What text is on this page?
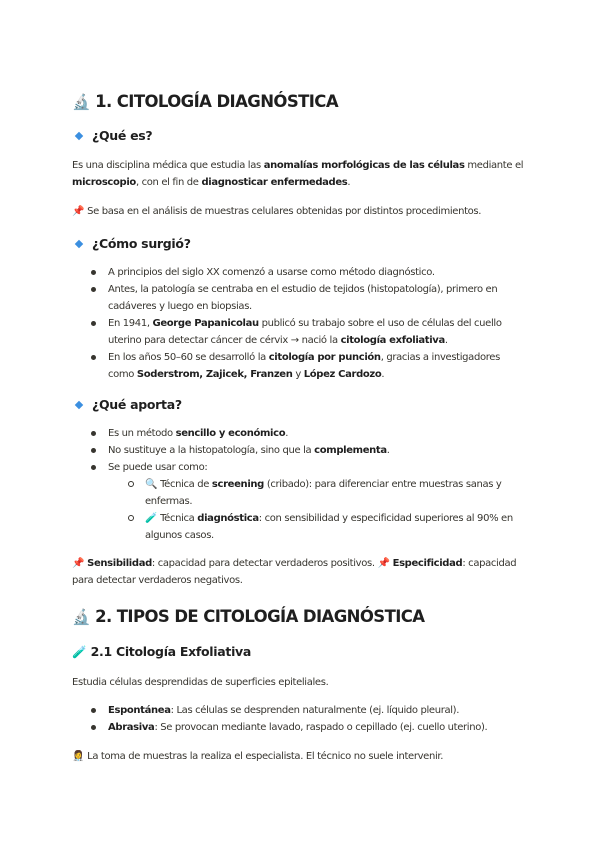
🔬 1. CITOLOGÍA DIAGNÓSTICA
¿Qué es?
Es una disciplina médica que estudia las anomalías morfológicas de las células mediante el microscopio, con el fin de diagnosticar enfermedades.
📌 Se basa en el análisis de muestras celulares obtenidas por distintos procedimientos.
¿Cómo surgió?
A principios del siglo XX comenzó a usarse como método diagnóstico.
Antes, la patología se centraba en el estudio de tejidos (histopatología), primero en cadáveres y luego en biopsias.
En 1941, George Papanicolau publicó su trabajo sobre el uso de células del cuello uterino para detectar cáncer de cérvix → nació la citología exfoliativa.
En los años 50–60 se desarrolló la citología por punción, gracias a investigadores como Soderstrom, Zajicek, Franzen y López Cardozo.
¿Qué aporta?
Es un método sencillo y económico.
No sustituye a la histopatología, sino que la complementa.
Se puede usar como:
🔍 Técnica de screening (cribado): para diferenciar entre muestras sanas y enfermas.
🧪 Técnica diagnóstica: con sensibilidad y especificidad superiores al 90% en algunos casos.
📌 Sensibilidad: capacidad para detectar verdaderos positivos. 📌 Especificidad: capacidad para detectar verdaderos negativos.
🔬 2. TIPOS DE CITOLOGÍA DIAGNÓSTICA
🧪 2.1 Citología Exfoliativa
Estudia células desprendidas de superficies epiteliales.
Espontánea: Las células se desprenden naturalmente (ej. líquido pleural).
Abrasiva: Se provocan mediante lavado, raspado o cepillado (ej. cuello uterino).
👩‍⚕️ La toma de muestras la realiza el especialista. El técnico no suele intervenir.
